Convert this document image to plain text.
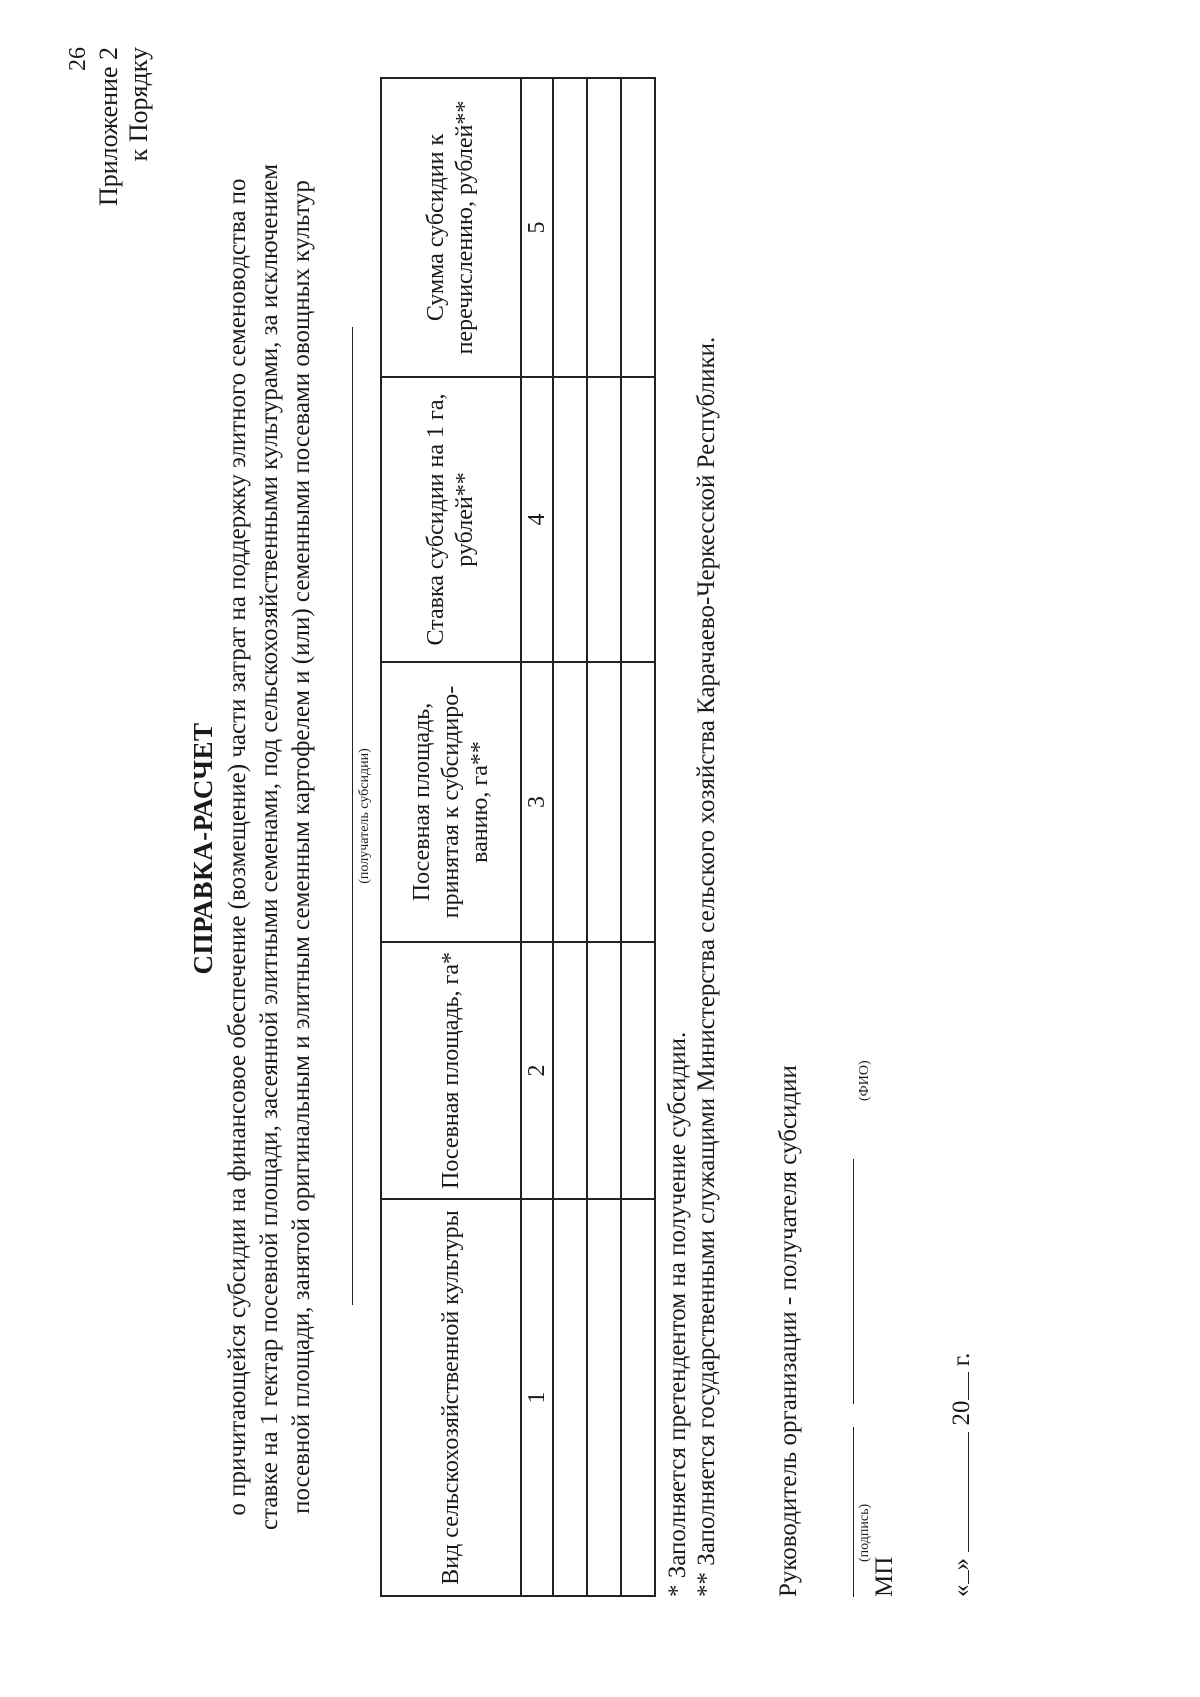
26 Приложение 2 к Порядку
СПРАВКА-РАСЧЕТ о причитающейся субсидии на финансовое обеспечение (возмещение) части затрат на поддержку элитного семеноводства по ставке на 1 гектар посевной площади, засеянной элитными семенами, под сельскохозяйственными культурами, за исключением посевной площади, занятой оригинальным и элитным семенным картофелем и (или) семенными посевами овощных культур	(получатель субсидии)
Вид сельскохозяйственной культуры	Посевная площадь, га*	Посевная площадь, принятая к субсидиро-ванию, га**	Ставка субсидии на 1 га, рублей**	Сумма субсидии к перечислению, рублей**
1	2	3	4	5

* Заполняется претендентом на получение субсидии. ** Заполняется государственными служащими Министерства сельского хозяйства Карачаево-Черкесской Республики. Руководитель организации - получателя субсидии	(подпись)
(ФИО)
МП «»  20 г.
